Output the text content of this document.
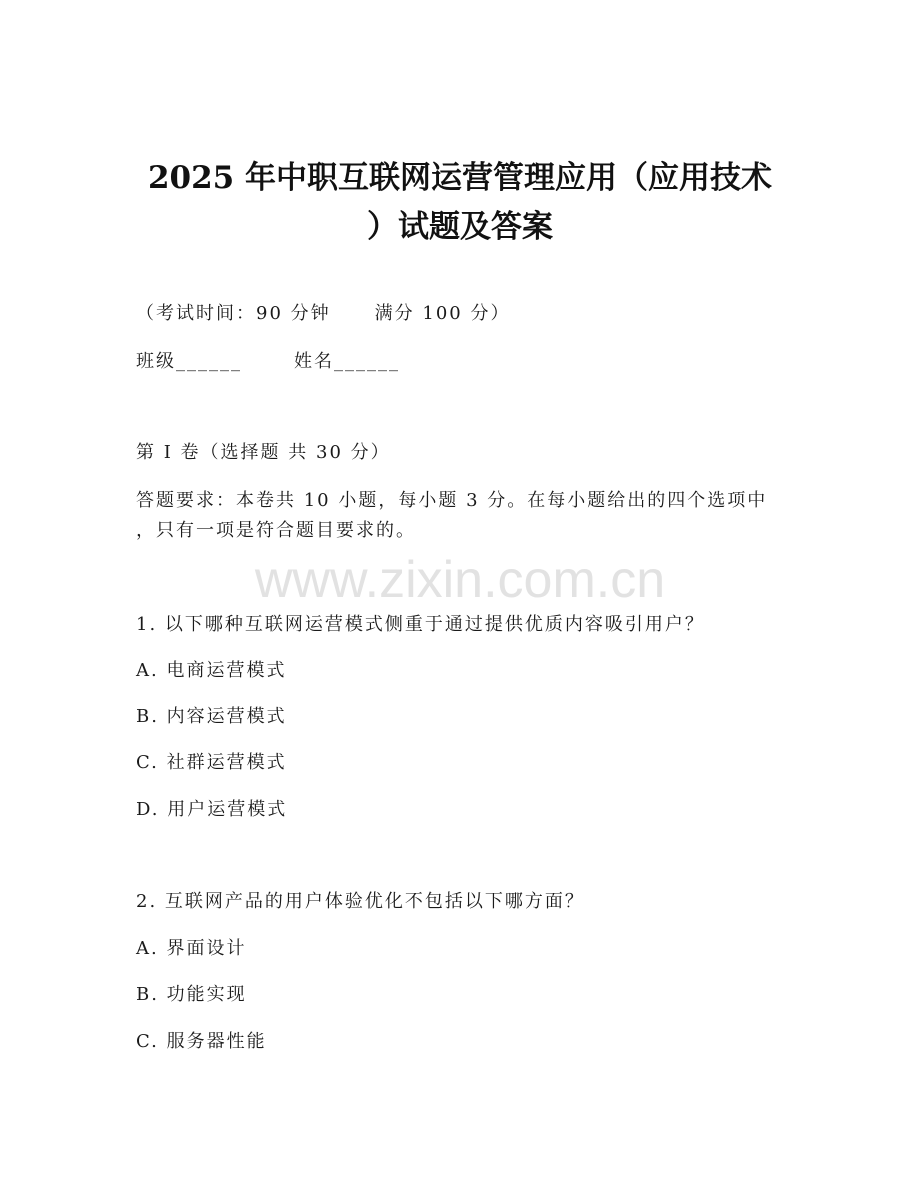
2025 年中职互联网运营管理应用（应用技术
）试题及答案
（考试时间：90 分钟 满分 100 分）
班级______	姓名______
第 I 卷（选择题 共 30 分）
答题要求：本卷共 10 小题，每小题 3 分。在每小题给出的四个选项中
，只有一项是符合题目要求的。
www.zixin.com.cn
1. 以下哪种互联网运营模式侧重于通过提供优质内容吸引用户？
A. 电商运营模式
B. 内容运营模式
C. 社群运营模式
D. 用户运营模式
2. 互联网产品的用户体验优化不包括以下哪方面？
A. 界面设计
B. 功能实现
C. 服务器性能
